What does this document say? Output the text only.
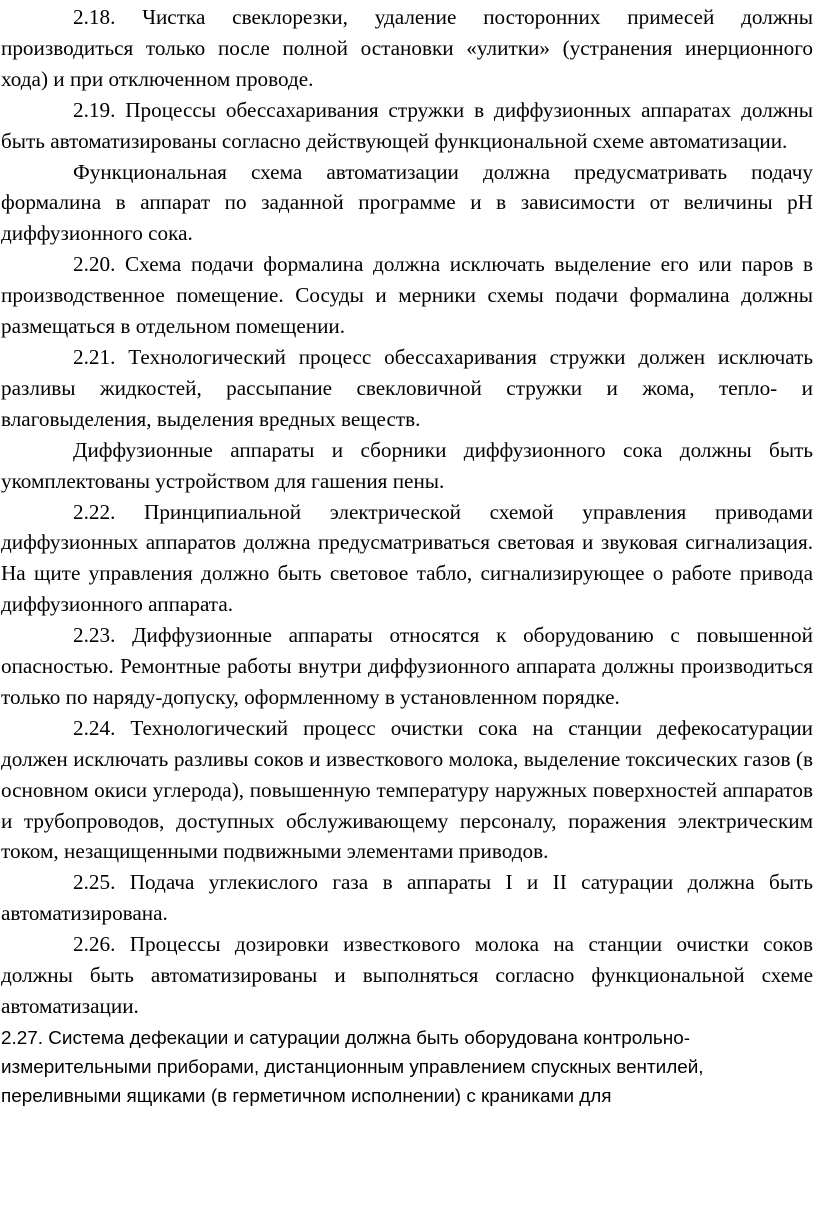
2.18. Чистка свеклорезки, удаление посторонних примесей должны производиться только после полной остановки «улитки» (устранения инерционного хода) и при отключенном проводе.

2.19. Процессы обессахаривания стружки в диффузионных аппаратах должны быть автоматизированы согласно действующей функциональной схеме автоматизации.

Функциональная схема автоматизации должна предусматривать подачу формалина в аппарат по заданной программе и в зависимости от величины pH диффузионного сока.

2.20. Схема подачи формалина должна исключать выделение его или паров в производственное помещение. Сосуды и мерники схемы подачи формалина должны размещаться в отдельном помещении.

2.21. Технологический процесс обессахаривания стружки должен исключать разливы жидкостей, рассыпание свекловичной стружки и жома, тепло- и влаговыделения, выделения вредных веществ.

Диффузионные аппараты и сборники диффузионного сока должны быть укомплектованы устройством для гашения пены.

2.22. Принципиальной электрической схемой управления приводами диффузионных аппаратов должна предусматриваться световая и звуковая сигнализация. На щите управления должно быть световое табло, сигнализирующее о работе привода диффузионного аппарата.

2.23. Диффузионные аппараты относятся к оборудованию с повышенной опасностью. Ремонтные работы внутри диффузионного аппарата должны производиться только по наряду-допуску, оформленному в установленном порядке.

2.24. Технологический процесс очистки сока на станции дефекосатурации должен исключать разливы соков и известкового молока, выделение токсических газов (в основном окиси углерода), повышенную температуру наружных поверхностей аппаратов и трубопроводов, доступных обслуживающему персоналу, поражения электрическим током, незащищенными подвижными элементами приводов.

2.25. Подача углекислого газа в аппараты I и II сатурации должна быть автоматизирована.

2.26. Процессы дозировки известкового молока на станции очистки соков должны быть автоматизированы и выполняться согласно функциональной схеме автоматизации.

2.27. Система дефекации и сатурации должна быть оборудована контрольно-
измерительными приборами, дистанционным управлением спускных вентилей,
переливными ящиками (в герметичном исполнении) с краниками для
